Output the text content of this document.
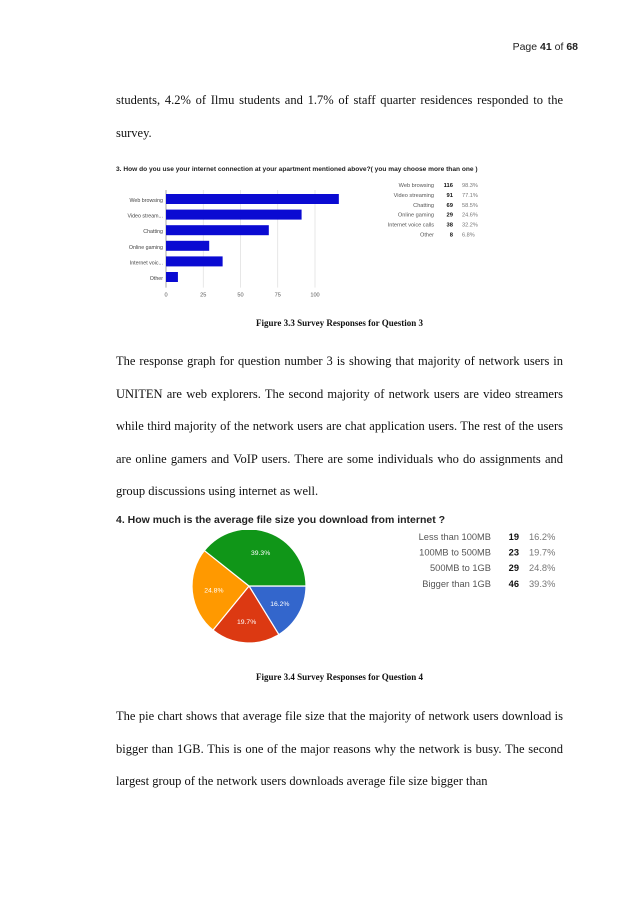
Page 41 of 68

students, 4.2% of Ilmu students and 1.7% of staff quarter residences responded to the survey.

3. How do you use your internet connection at your apartment mentioned above?( you may choose more than one )
0	25	50	75	100
Web browsing
Video stream...
Chatting
Online gaming
Internet voic...
Other
Web browsing 116 98.3%
Video streaming 91 77.1%
Chatting 69 58.5%
Online gaming 29 24.6%
Internet voice calls 38 32.2%
Other	8 6.8%
Figure 3.3 Survey Responses for Question 3

The response graph for question number 3 is showing that majority of network users in UNITEN are web explorers. The second majority of network users are video streamers while third majority of the network users are chat application users. The rest of the users are online gamers and VoIP users. There are some individuals who do assignments and group discussions using internet as well.

4. How much is the average file size you download from internet ?
16.2%
19.7%
24.8%
39.3%
Less than 100MB 19 16.2%
100MB to 500MB 23 19.7%
500MB to 1GB 29 24.8%
Bigger than 1GB 46 39.3%
Figure 3.4 Survey Responses for Question 4

The pie chart shows that average file size that the majority of network users download is bigger than 1GB. This is one of the major reasons why the network is busy. The second largest group of the network users downloads average file size bigger than
